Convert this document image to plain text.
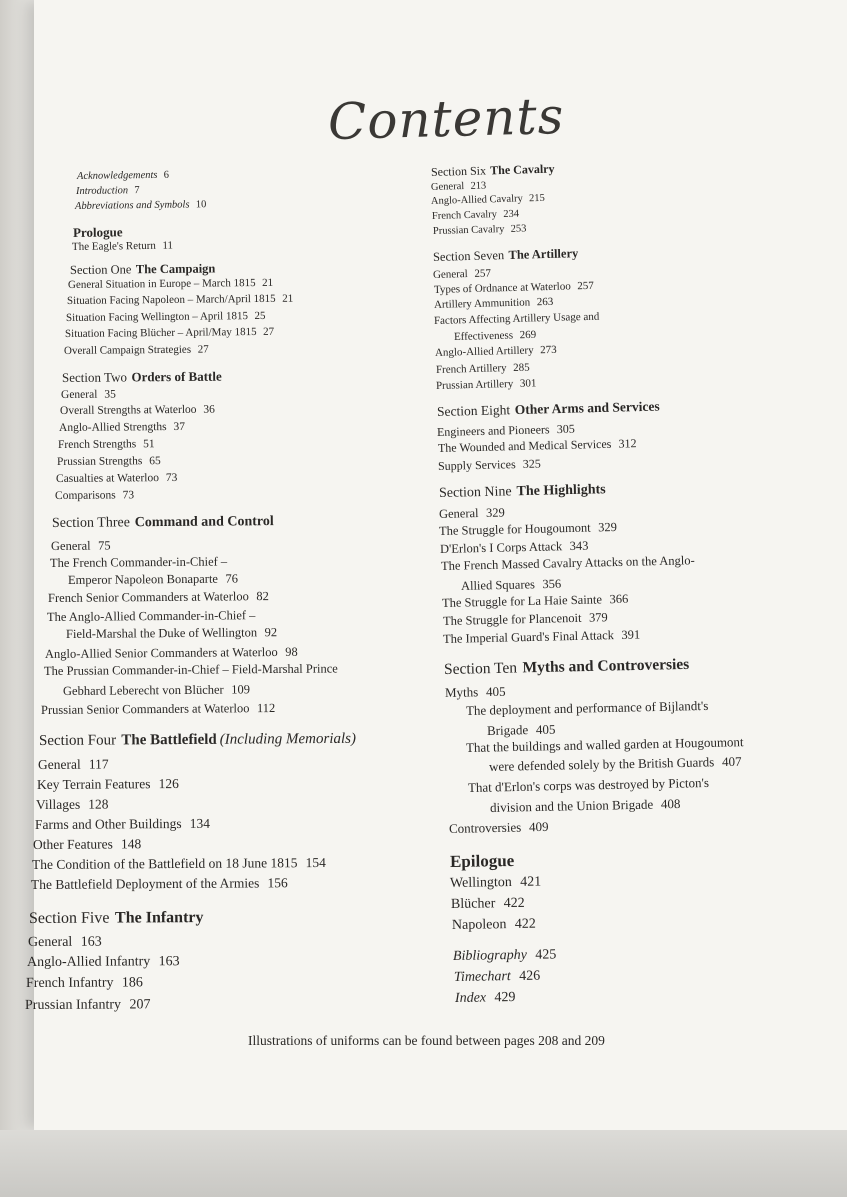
Contents
Acknowledgements 6
Introduction 7
Abbreviations and Symbols 10
Prologue
The Eagle's Return 11
Section One The Campaign
General Situation in Europe – March 1815 21
Situation Facing Napoleon – March/April 1815 21
Situation Facing Wellington – April 1815 25
Situation Facing Blücher – April/May 1815 27
Overall Campaign Strategies 27
Section Two Orders of Battle
General 35
Overall Strengths at Waterloo 36
Anglo-Allied Strengths 37
French Strengths 51
Prussian Strengths 65
Casualties at Waterloo 73
Comparisons 73
Section Three Command and Control
General 75
The French Commander-in-Chief –
Emperor Napoleon Bonaparte 76
French Senior Commanders at Waterloo 82
The Anglo-Allied Commander-in-Chief –
Field-Marshal the Duke of Wellington 92
Anglo-Allied Senior Commanders at Waterloo 98
The Prussian Commander-in-Chief – Field-Marshal Prince
Gebhard Leberecht von Blücher 109
Prussian Senior Commanders at Waterloo 112
Section Four The Battlefield (Including Memorials)
General 117
Key Terrain Features 126
Villages 128
Farms and Other Buildings 134
Other Features 148
The Condition of the Battlefield on 18 June 1815 154
The Battlefield Deployment of the Armies 156
Section Five The Infantry
General 163
Anglo-Allied Infantry 163
French Infantry 186
Prussian Infantry 207
Section Six The Cavalry
General 213
Anglo-Allied Cavalry 215
French Cavalry 234
Prussian Cavalry 253
Section Seven The Artillery
General 257
Types of Ordnance at Waterloo 257
Artillery Ammunition 263
Factors Affecting Artillery Usage and
Effectiveness 269
Anglo-Allied Artillery 273
French Artillery 285
Prussian Artillery 301
Section Eight Other Arms and Services
Engineers and Pioneers 305
The Wounded and Medical Services 312
Supply Services 325
Section Nine The Highlights
General 329
The Struggle for Hougoumont 329
D'Erlon's I Corps Attack 343
The French Massed Cavalry Attacks on the Anglo-
Allied Squares 356
The Struggle for La Haie Sainte 366
The Struggle for Plancenoit 379
The Imperial Guard's Final Attack 391
Section Ten Myths and Controversies
Myths 405
The deployment and performance of Bijlandt's
Brigade 405
That the buildings and walled garden at Hougoumont
were defended solely by the British Guards 407
That d'Erlon's corps was destroyed by Picton's
division and the Union Brigade 408
Controversies 409
Epilogue
Wellington 421
Blücher 422
Napoleon 422
Bibliography 425
Timechart 426
Index 429
Illustrations of uniforms can be found between pages 208 and 209
